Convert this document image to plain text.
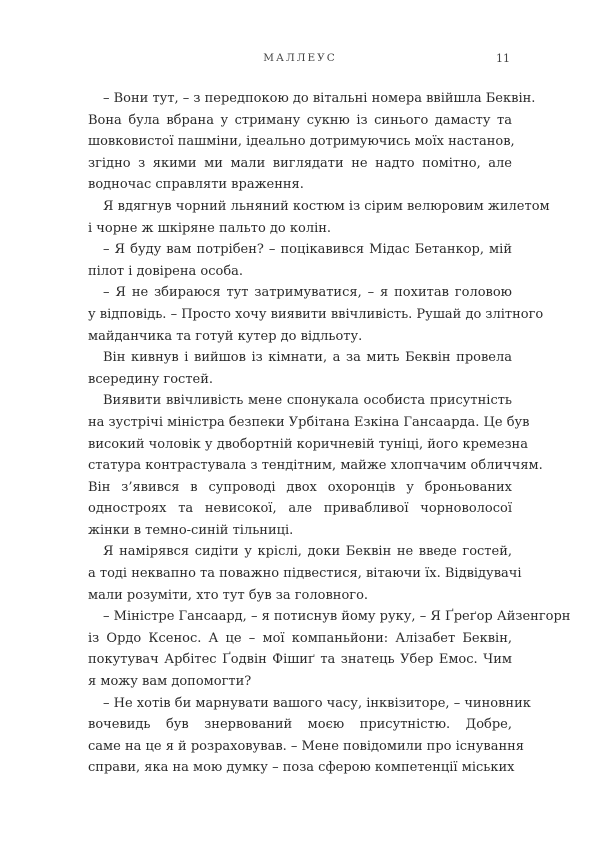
МАЛЛЕУС	11
– Вони тут, – з передпокою до вітальні номера ввійшла Беквін.
Вона була вбрана у стриману сукню із синього дамасту та
шовковистої пашміни, ідеально дотримуючись моїх настанов,
згідно з якими ми мали виглядати не надто помітно, але
водночас справляти враження.
Я вдягнув чорний льняний костюм із сірим велюровим жилетом
і чорне ж шкіряне пальто до колін.
– Я буду вам потрібен? – поцікавився Мідас Бетанкор, мій
пілот і довірена особа.
– Я не збираюся тут затримуватися, – я похитав головою
у відповідь. – Просто хочу виявити ввічливість. Рушай до злітного
майданчика та готуй кутер до відльоту.
Він кивнув і вийшов із кімнати, а за мить Беквін провела
всередину гостей.
Виявити ввічливість мене спонукала особиста присутність
на зустрічі міністра безпеки Урбітана Езкіна Гансаарда. Це був
високий чоловік у двобортній коричневій туніці, його кремезна
статура контрастувала з тендітним, майже хлопчачим обличчям.
Він з’явився в супроводі двох охоронців у броньованих
одностроях та невисокої, але привабливої чорноволосої
жінки в темно-синій тільниці.
Я намірявся сидіти у кріслі, доки Беквін не введе гостей,
а тоді неквапно та поважно підвестися, вітаючи їх. Відвідувачі
мали розуміти, хто тут був за головного.
– Міністре Гансаард, – я потиснув йому руку, – Я Ґреґор Айзенгорн
із Ордо Ксенос. А це – мої компаньйони: Алізабет Беквін,
покутувач Арбітес Ґодвін Фішиґ та знатець Убер Емос. Чим
я можу вам допомогти?
– Не хотів би марнувати вашого часу, інквізиторе, – чиновник
вочевидь був знервований моєю присутністю. Добре,
саме на це я й розраховував. – Мене повідомили про існування
справи, яка на мою думку – поза сферою компетенції міських
